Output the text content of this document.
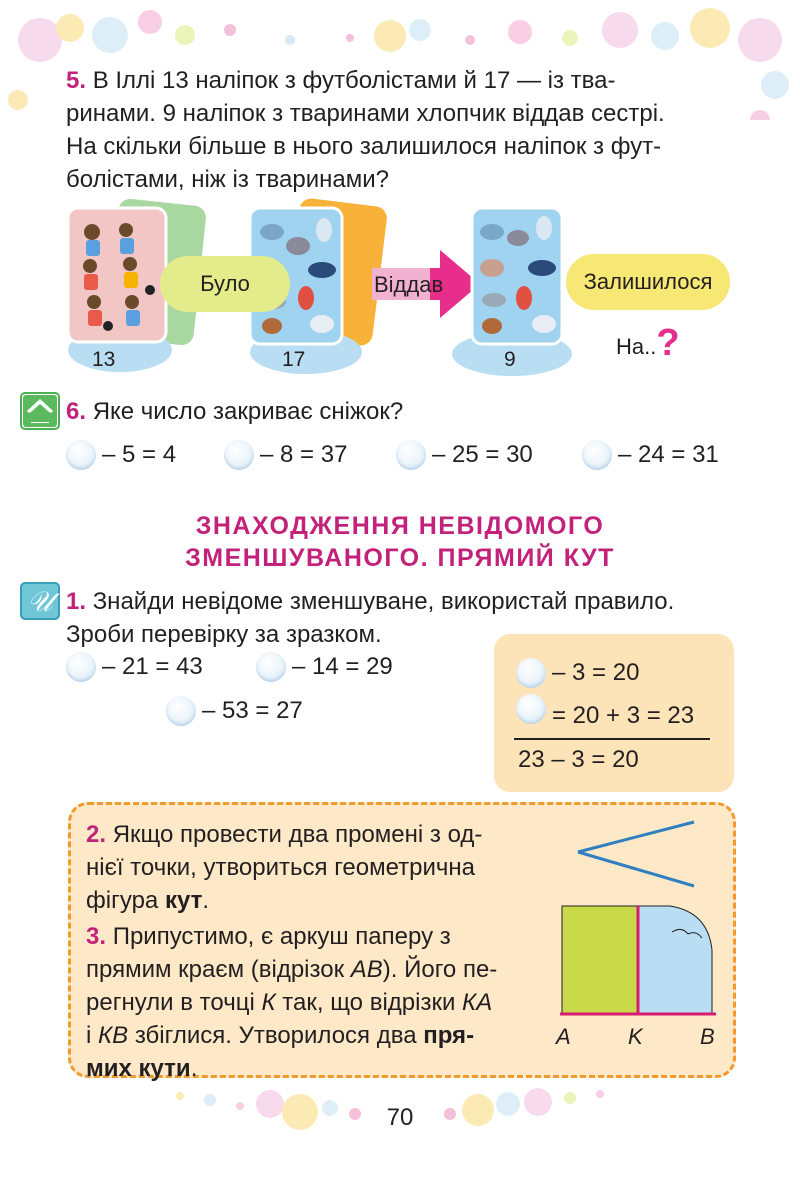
5. В Іллі 13 наліпок з футболістами й 17 — із тва-
ринами. 9 наліпок з тваринами хлопчик віддав сестрі.
На скільки більше в нього залишилося наліпок з фут-
болістами, ніж із тваринами?
Було	Віддав	Залишилося
На.. ?
13	17	9
6. Яке число закриває сніжок?
– 5 = 4	– 8 = 37	– 25 = 30	– 24 = 31
ЗНАХОДЖЕННЯ НЕВІДОМОГО
ЗМЕНШУВАНОГО. ПРЯМИЙ КУТ
𝒰 1. Знайди невідоме зменшуване, використай правило.
Зроби перевірку за зразком.
– 21 = 43	– 14 = 29
– 53 = 27
– 3 = 20
= 20 + 3 = 23
23 – 3 = 20
2. Якщо провести два промені з од-
нієї точки, утвориться геометрична
фігура кут.
3. Припустимо, є аркуш паперу з
прямим краєм (відрізок АВ). Його пе-
регнули в точці К так, що відрізки КА
і КВ збіглися. Утворилося два пря-
мих кути.
A	K	B
70
